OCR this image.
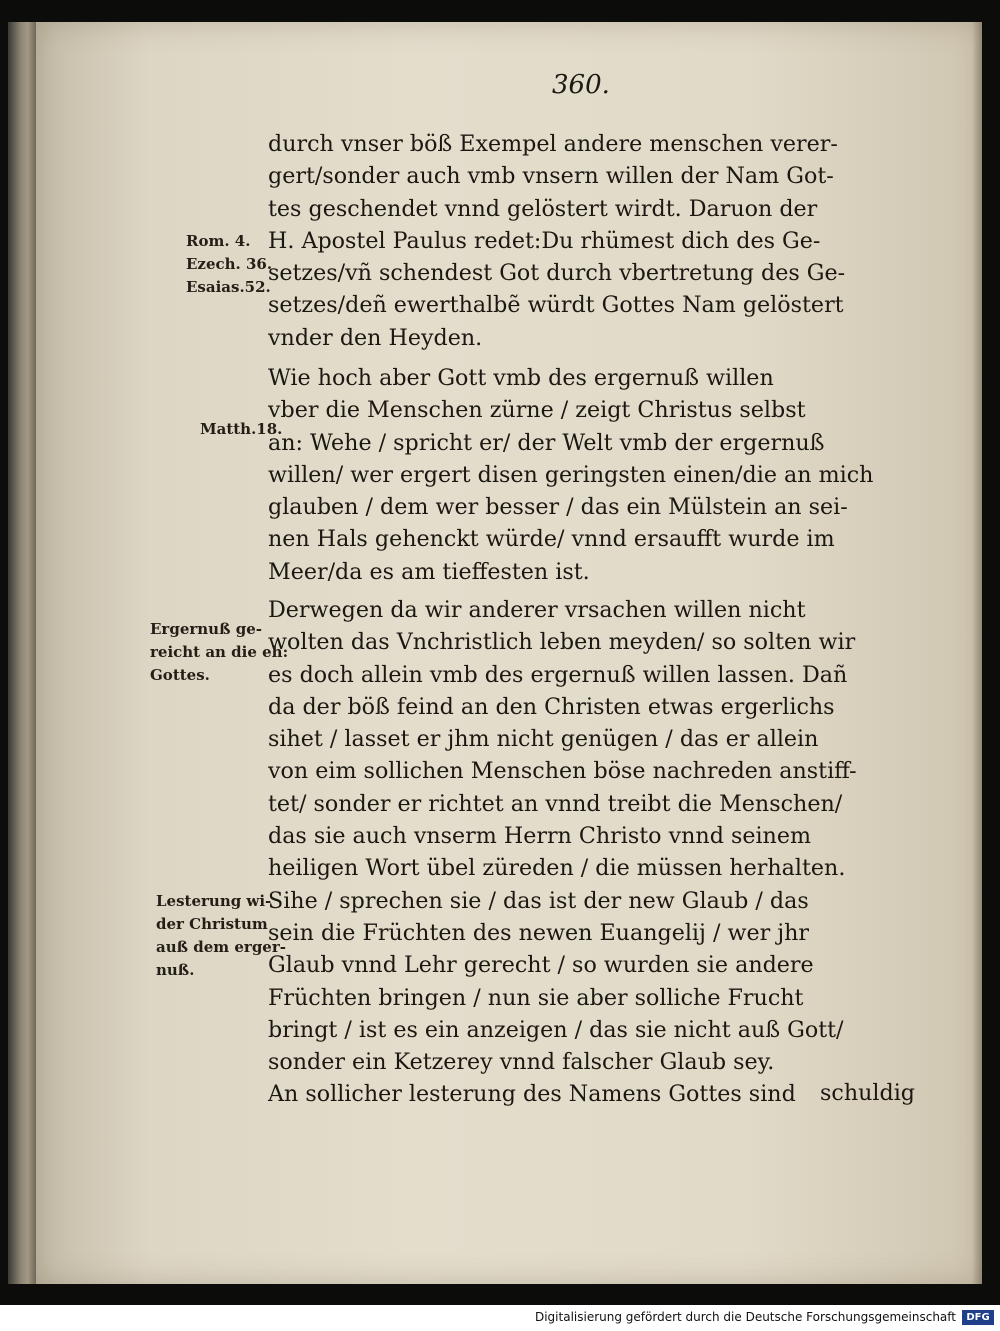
360.
durch vnser böß Exempel andere menschen verer-
gert/sonder auch vmb vnsern willen der Nam Got-
tes geschendet vnnd gelöstert wirdt. Daruon der
H. Apostel Paulus redet:Du rhümest dich des Ge-
setzes/vñ schendest Got durch vbertretung des Ge-
setzes/deñ ewerthalbẽ würdt Gottes Nam gelöstert
vnder den Heyden.
Wie hoch aber Gott vmb des ergernuß willen
vber die Menschen zürne / zeigt Christus selbst
an: Wehe / spricht er/ der Welt vmb der ergernuß
willen/ wer ergert disen geringsten einen/die an mich
glauben / dem wer besser / das ein Mülstein an sei-
nen Hals gehenckt würde/ vnnd ersaufft wurde im
Meer/da es am tieffesten ist.
Derwegen da wir anderer vrsachen willen nicht
wolten das Vnchristlich leben meyden/ so solten wir
es doch allein vmb des ergernuß willen lassen. Dañ
da der böß feind an den Christen etwas ergerlichs
sihet / lasset er jhm nicht genügen / das er allein
von eim sollichen Menschen böse nachreden anstiff-
tet/ sonder er richtet an vnnd treibt die Menschen/
das sie auch vnserm Herrn Christo vnnd seinem
heiligen Wort übel züreden / die müssen herhalten.
Sihe / sprechen sie / das ist der new Glaub / das
sein die Früchten des newen Euangelij / wer jhr
Glaub vnnd Lehr gerecht / so wurden sie andere
Früchten bringen / nun sie aber solliche Frucht
bringt / ist es ein anzeigen / das sie nicht auß Gott/
sonder ein Ketzerey vnnd falscher Glaub sey.
An sollicher lesterung des Namens Gottes sind	schuldig
Rom. 4.
Ezech. 36.
Esaias.52.
Matth.18.
Ergernuß ge-
reicht an die eh:
Gottes.
Lesterung wi-
der Christum
auß dem erger-
nuß.
Digitalisierung gefördert durch die Deutsche Forschungsgemeinschaft	DFG
